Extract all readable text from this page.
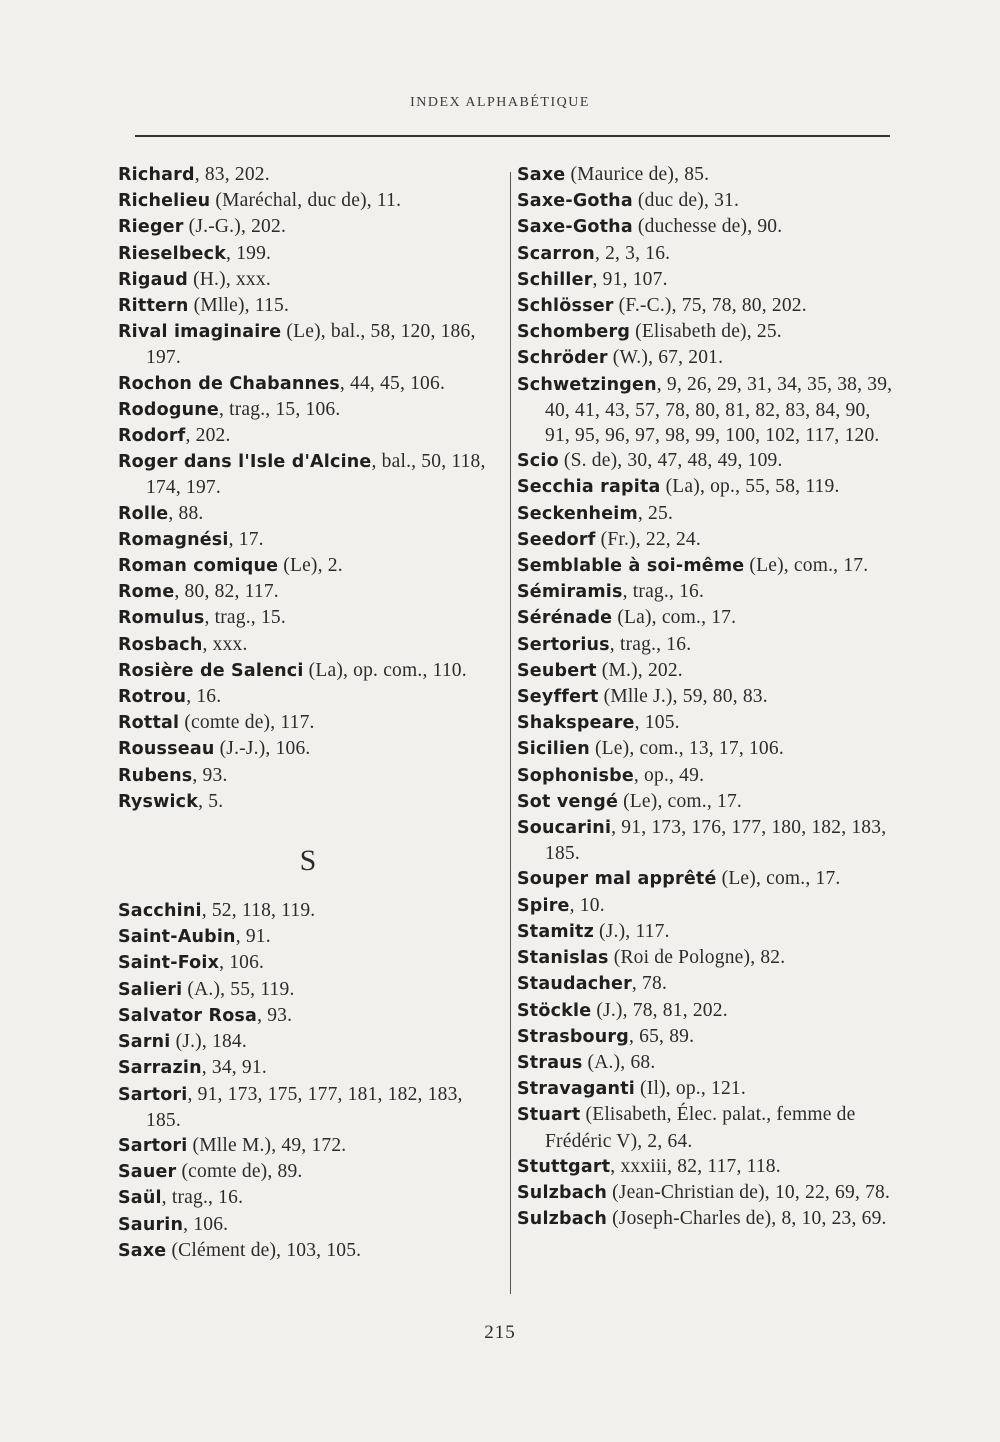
INDEX ALPHABÉTIQUE
Richard, 83, 202.
Richelieu (Maréchal, duc de), 11.
Rieger (J.-G.), 202.
Rieselbeck, 199.
Rigaud (H.), xxx.
Rittern (Mlle), 115.
Rival imaginaire (Le), bal., 58, 120, 186, 197.
Rochon de Chabannes, 44, 45, 106.
Rodogune, trag., 15, 106.
Rodorf, 202.
Roger dans l'Isle d'Alcine, bal., 50, 118, 174, 197.
Rolle, 88.
Romagnési, 17.
Roman comique (Le), 2.
Rome, 80, 82, 117.
Romulus, trag., 15.
Rosbach, xxx.
Rosière de Salenci (La), op. com., 110.
Rotrou, 16.
Rottal (comte de), 117.
Rousseau (J.-J.), 106.
Rubens, 93.
Ryswick, 5.
S
Sacchini, 52, 118, 119.
Saint-Aubin, 91.
Saint-Foix, 106.
Salieri (A.), 55, 119.
Salvator Rosa, 93.
Sarni (J.), 184.
Sarrazin, 34, 91.
Sartori, 91, 173, 175, 177, 181, 182, 183, 185.
Sartori (Mlle M.), 49, 172.
Sauer (comte de), 89.
Saül, trag., 16.
Saurin, 106.
Saxe (Clément de), 103, 105.
Saxe (Maurice de), 85.
Saxe-Gotha (duc de), 31.
Saxe-Gotha (duchesse de), 90.
Scarron, 2, 3, 16.
Schiller, 91, 107.
Schlösser (F.-C.), 75, 78, 80, 202.
Schomberg (Elisabeth de), 25.
Schröder (W.), 67, 201.
Schwetzingen, 9, 26, 29, 31, 34, 35, 38, 39, 40, 41, 43, 57, 78, 80, 81, 82, 83, 84, 90, 91, 95, 96, 97, 98, 99, 100, 102, 117, 120.
Scio (S. de), 30, 47, 48, 49, 109.
Secchia rapita (La), op., 55, 58, 119.
Seckenheim, 25.
Seedorf (Fr.), 22, 24.
Semblable à soi-même (Le), com., 17.
Sémiramis, trag., 16.
Sérénade (La), com., 17.
Sertorius, trag., 16.
Seubert (M.), 202.
Seyffert (Mlle J.), 59, 80, 83.
Shakspeare, 105.
Sicilien (Le), com., 13, 17, 106.
Sophonisbe, op., 49.
Sot vengé (Le), com., 17.
Soucarini, 91, 173, 176, 177, 180, 182, 183, 185.
Souper mal apprêté (Le), com., 17.
Spire, 10.
Stamitz (J.), 117.
Stanislas (Roi de Pologne), 82.
Staudacher, 78.
Stöckle (J.), 78, 81, 202.
Strasbourg, 65, 89.
Straus (A.), 68.
Stravaganti (Il), op., 121.
Stuart (Elisabeth, Élec. palat., femme de Frédéric V), 2, 64.
Stuttgart, xxxiii, 82, 117, 118.
Sulzbach (Jean-Christian de), 10, 22, 69, 78.
Sulzbach (Joseph-Charles de), 8, 10, 23, 69.
215
